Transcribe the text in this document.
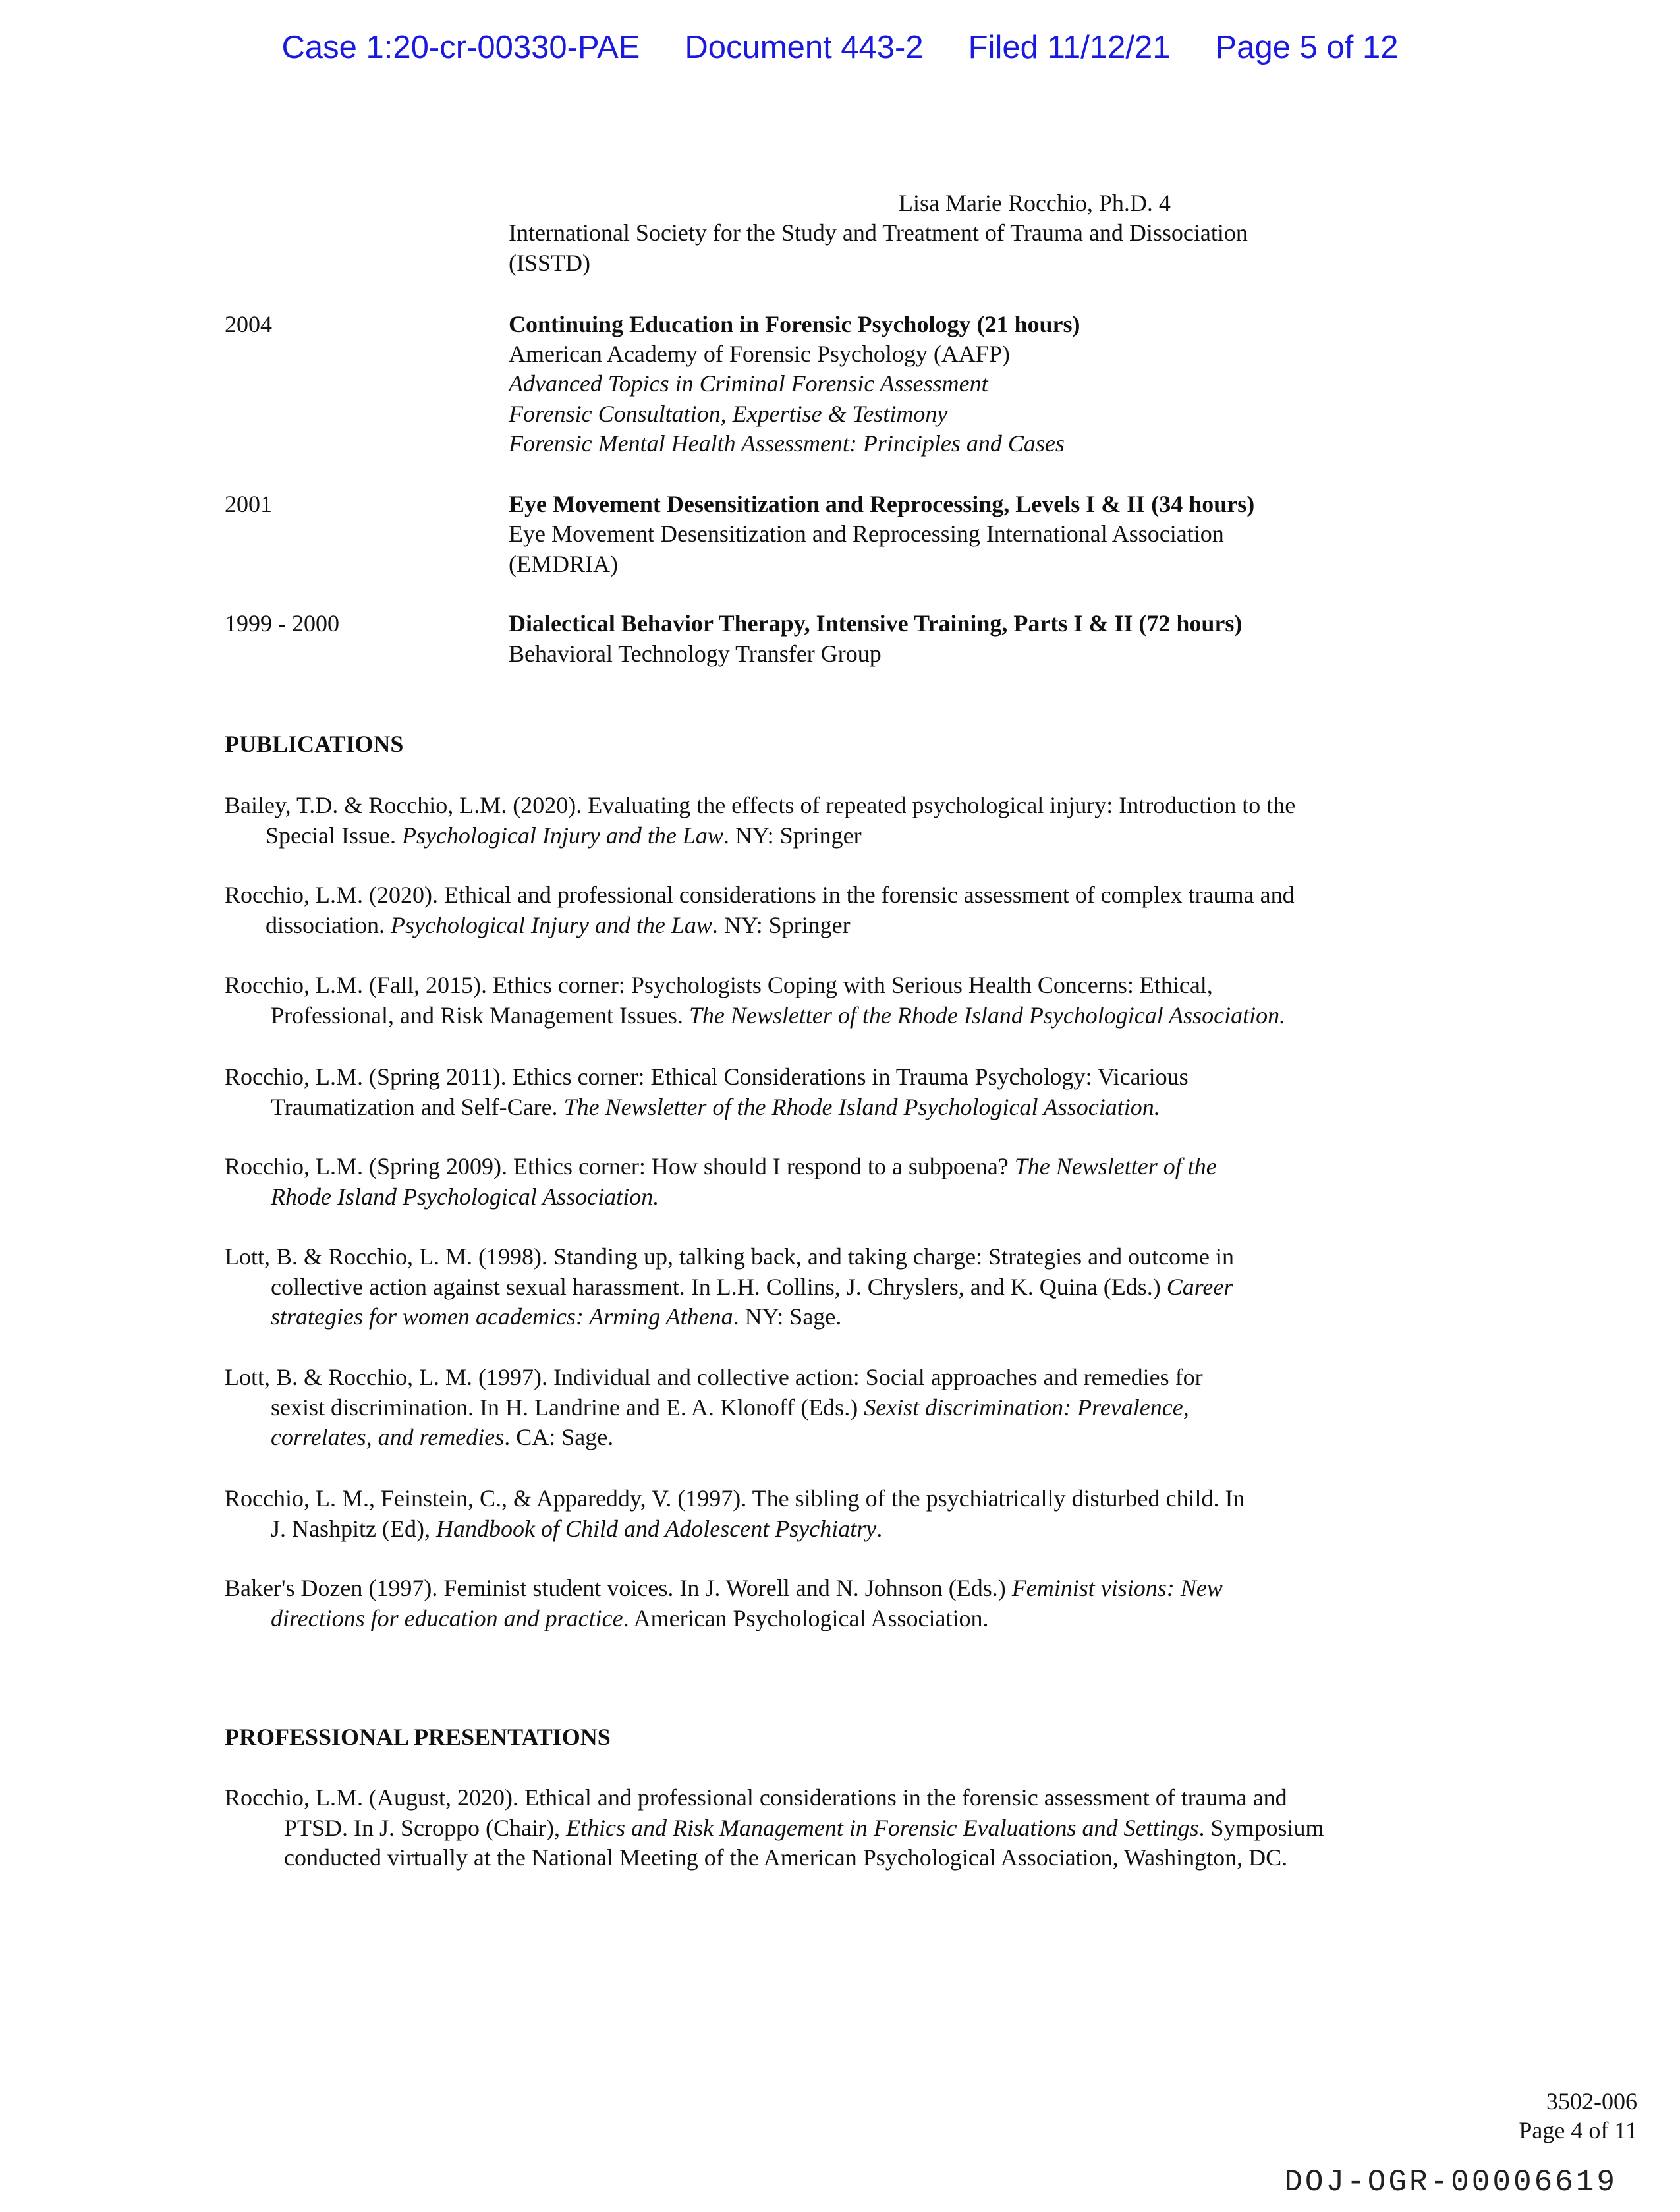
Case 1:20-cr-00330-PAE Document 443-2 Filed 11/12/21 Page 5 of 12
Lisa Marie Rocchio, Ph.D. 4
International Society for the Study and Treatment of Trauma and Dissociation
(ISSTD)
2004	Continuing Education in Forensic Psychology (21 hours)
American Academy of Forensic Psychology (AAFP)
Advanced Topics in Criminal Forensic Assessment
Forensic Consultation, Expertise & Testimony
Forensic Mental Health Assessment: Principles and Cases
2001	Eye Movement Desensitization and Reprocessing, Levels I & II (34 hours)
Eye Movement Desensitization and Reprocessing International Association
(EMDRIA)
1999 - 2000	Dialectical Behavior Therapy, Intensive Training, Parts I & II (72 hours)
Behavioral Technology Transfer Group
PUBLICATIONS
Bailey, T.D. & Rocchio, L.M. (2020). Evaluating the effects of repeated psychological injury: Introduction to the
Special Issue. Psychological Injury and the Law. NY: Springer
Rocchio, L.M. (2020). Ethical and professional considerations in the forensic assessment of complex trauma and
dissociation. Psychological Injury and the Law. NY: Springer
Rocchio, L.M. (Fall, 2015). Ethics corner: Psychologists Coping with Serious Health Concerns: Ethical,
Professional, and Risk Management Issues. The Newsletter of the Rhode Island Psychological Association.
Rocchio, L.M. (Spring 2011). Ethics corner: Ethical Considerations in Trauma Psychology: Vicarious
Traumatization and Self-Care. The Newsletter of the Rhode Island Psychological Association.
Rocchio, L.M. (Spring 2009). Ethics corner: How should I respond to a subpoena? The Newsletter of the
Rhode Island Psychological Association.
Lott, B. & Rocchio, L. M. (1998). Standing up, talking back, and taking charge: Strategies and outcome in
collective action against sexual harassment. In L.H. Collins, J. Chryslers, and K. Quina (Eds.) Career
strategies for women academics: Arming Athena. NY: Sage.
Lott, B. & Rocchio, L. M. (1997). Individual and collective action: Social approaches and remedies for
sexist discrimination. In H. Landrine and E. A. Klonoff (Eds.) Sexist discrimination: Prevalence,
correlates, and remedies. CA: Sage.
Rocchio, L. M., Feinstein, C., & Appareddy, V. (1997). The sibling of the psychiatrically disturbed child. In
J. Nashpitz (Ed), Handbook of Child and Adolescent Psychiatry.
Baker's Dozen (1997). Feminist student voices. In J. Worell and N. Johnson (Eds.) Feminist visions: New
directions for education and practice. American Psychological Association.
PROFESSIONAL PRESENTATIONS
Rocchio, L.M. (August, 2020). Ethical and professional considerations in the forensic assessment of trauma and
PTSD. In J. Scroppo (Chair), Ethics and Risk Management in Forensic Evaluations and Settings. Symposium
conducted virtually at the National Meeting of the American Psychological Association, Washington, DC.
3502-006
Page 4 of 11
DOJ-OGR-00006619
